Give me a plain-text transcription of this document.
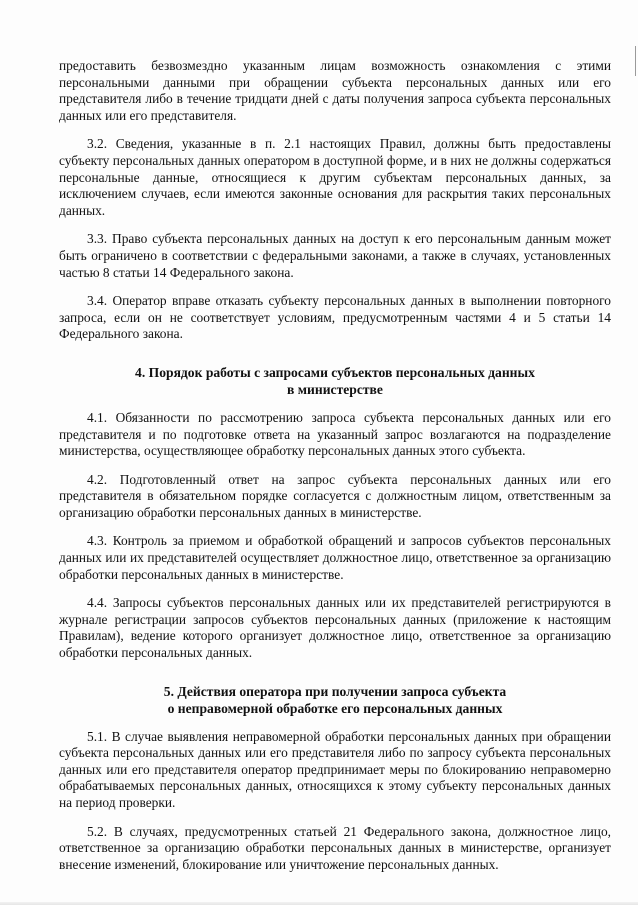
предоставить безвозмездно указанным лицам возможность ознакомления с этими персональными данными при обращении субъекта персональных данных или его представителя либо в течение тридцати дней с даты получения запроса субъекта персональных данных или его представителя.

3.2. Сведения, указанные в п. 2.1 настоящих Правил, должны быть предоставлены субъекту персональных данных оператором в доступной форме, и в них не должны содержаться персональные данные, относящиеся к другим субъектам персональных данных, за исключением случаев, если имеются законные основания для раскрытия таких персональных данных.

3.3. Право субъекта персональных данных на доступ к его персональным данным может быть ограничено в соответствии с федеральными законами, а также в случаях, установленных частью 8 статьи 14 Федерального закона.

3.4. Оператор вправе отказать субъекту персональных данных в выполнении повторного запроса, если он не соответствует условиям, предусмотренным частями 4 и 5 статьи 14 Федерального закона.

4. Порядок работы с запросами субъектов персональных данных
в министерстве

4.1. Обязанности по рассмотрению запроса субъекта персональных данных или его представителя и по подготовке ответа на указанный запрос возлагаются на подразделение министерства, осуществляющее обработку персональных данных этого субъекта.

4.2. Подготовленный ответ на запрос субъекта персональных данных или его представителя в обязательном порядке согласуется с должностным лицом, ответственным за организацию обработки персональных данных в министерстве.

4.3. Контроль за приемом и обработкой обращений и запросов субъектов персональных данных или их представителей осуществляет должностное лицо, ответственное за организацию обработки персональных данных в министерстве.

4.4. Запросы субъектов персональных данных или их представителей регистрируются в журнале регистрации запросов субъектов персональных данных (приложение к настоящим Правилам), ведение которого организует должностное лицо, ответственное за организацию обработки персональных данных.

5. Действия оператора при получении запроса субъекта
о неправомерной обработке его персональных данных

5.1. В случае выявления неправомерной обработки персональных данных при обращении субъекта персональных данных или его представителя либо по запросу субъекта персональных данных или его представителя оператор предпринимает меры по блокированию неправомерно обрабатываемых персональных данных, относящихся к этому субъекту персональных данных на период проверки.

5.2. В случаях, предусмотренных статьей 21 Федерального закона, должностное лицо, ответственное за организацию обработки персональных данных в министерстве, организует внесение изменений, блокирование или уничтожение персональных данных.
